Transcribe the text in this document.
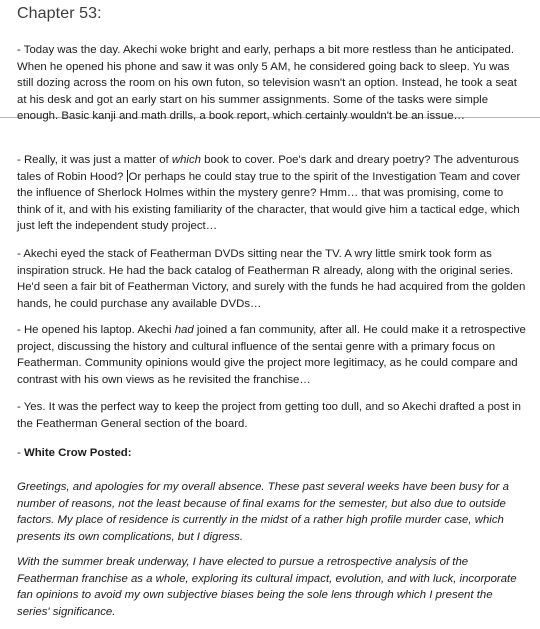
Chapter 53:

- Today was the day. Akechi woke bright and early, perhaps a bit more restless than he anticipated. When he opened his phone and saw it was only 5 AM, he considered going back to sleep. Yu was still dozing across the room on his own futon, so television wasn't an option. Instead, he took a seat at his desk and got an early start on his summer assignments. Some of the tasks were simple enough. Basic kanji and math drills, a book report, which certainly wouldn't be an issue…

- Really, it was just a matter of which book to cover. Poe's dark and dreary poetry? The adventurous tales of Robin Hood? Or perhaps he could stay true to the spirit of the Investigation Team and cover the influence of Sherlock Holmes within the mystery genre? Hmm… that was promising, come to think of it, and with his existing familiarity of the character, that would give him a tactical edge, which just left the independent study project…

- Akechi eyed the stack of Featherman DVDs sitting near the TV. A wry little smirk took form as inspiration struck. He had the back catalog of Featherman R already, along with the original series. He'd seen a fair bit of Featherman Victory, and surely with the funds he had acquired from the golden hands, he could purchase any available DVDs…

- He opened his laptop. Akechi had joined a fan community, after all. He could make it a retrospective project, discussing the history and cultural influence of the sentai genre with a primary focus on Featherman. Community opinions would give the project more legitimacy, as he could compare and contrast with his own views as he revisited the franchise…

- Yes. It was the perfect way to keep the project from getting too dull, and so Akechi drafted a post in the Featherman General section of the board.

- White Crow Posted:

Greetings, and apologies for my overall absence. These past several weeks have been busy for a number of reasons, not the least because of final exams for the semester, but also due to outside factors. My place of residence is currently in the midst of a rather high profile murder case, which presents its own complications, but I digress.

With the summer break underway, I have elected to pursue a retrospective analysis of the Featherman franchise as a whole, exploring its cultural impact, evolution, and with luck, incorporate fan opinions to avoid my own subjective biases being the sole lens through which I present the series' significance.
